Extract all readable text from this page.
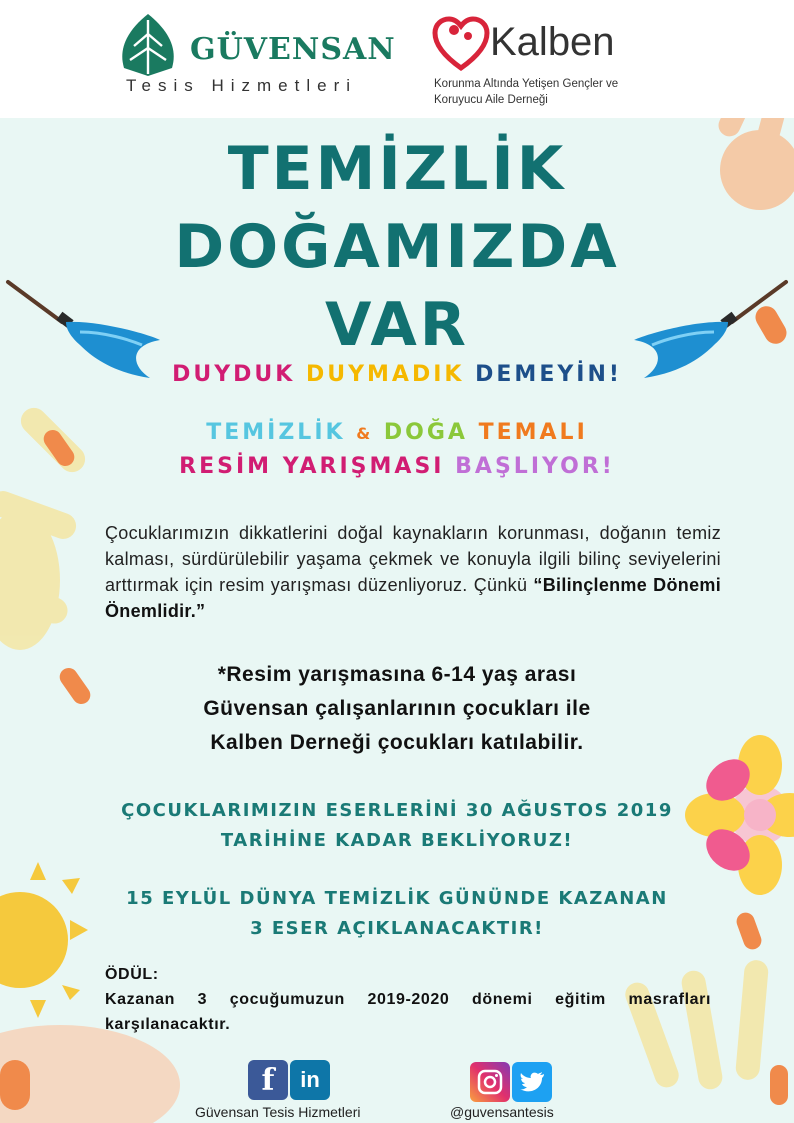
GÜVENSAN
Tesis Hizmetleri
Kalben
Korunma Altında Yetişen Gençler ve
Koruyucu Aile Derneği
TEMİZLİK
DOĞAMIZDA
VAR
DUYDUK DUYMADIK DEMEYİN!
TEMİZLİK & DOĞA TEMALI
RESİM YARIŞMASI BAŞLIYOR!
Çocuklarımızın dikkatlerini doğal kaynakların korunması, doğanın temiz kalması, sürdürülebilir yaşama çekmek ve konuyla ilgili bilinç seviyelerini arttırmak için resim yarışması düzenliyoruz. Çünkü “Bilinçlenme Dönemi Önemlidir.”
*Resim yarışmasına 6-14 yaş arası
Güvensan çalışanlarının çocukları ile
Kalben Derneği çocukları katılabilir.
ÇOCUKLARIMIZIN ESERLERİNİ 30 AĞUSTOS 2019
TARİHİNE KADAR BEKLİYORUZ!
15 EYLÜL DÜNYA TEMİZLİK GÜNÜNDE KAZANAN
3 ESER AÇIKLANACAKTIR!
ÖDÜL:
Kazanan 3 çocuğumuzun 2019-2020 dönemi eğitim masrafları karşılanacaktır.
f	in
Güvensan Tesis Hizmetleri	@guvensantesis
